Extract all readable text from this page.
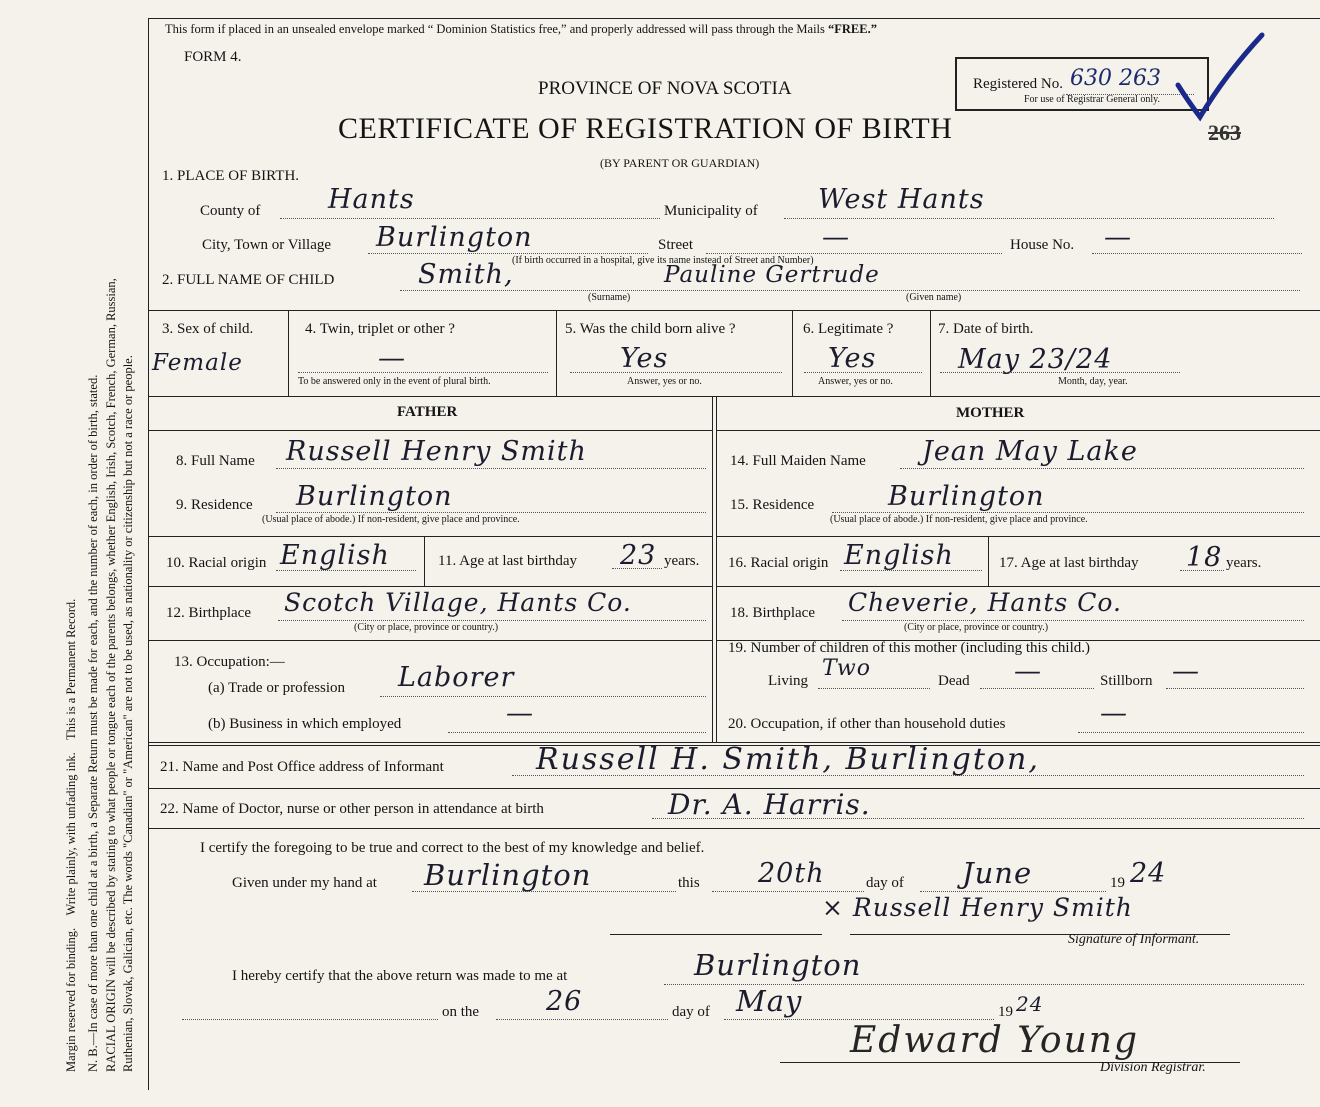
Margin reserved for binding.    Write plainly, with unfading ink.    This is a Permanent Record. N. B.—In case of more than one child at a birth, a Separate Return must be made for each, and the number of each, in order of birth, stated. RACIAL ORIGIN will be described by stating to what people or tongue each of the parents belongs, whether English, Irish, Scotch, French, German, Russian, Ruthenian, Slovak, Galician, etc. The words "Canadian" or "American" are not to be used, as nationality or citizenship but not a race or people.
This form if placed in an unsealed envelope marked “ Dominion Statistics free,” and properly addressed will pass through the Mails “FREE.”
FORM 4.
PROVINCE OF NOVA SCOTIA
CERTIFICATE OF REGISTRATION OF BIRTH
(BY PARENT OR GUARDIAN)
Registered No. 630 263
For use of Registrar General only.
263
1. PLACE OF BIRTH.
County of	Hants	Municipality of West Hants
City, Town or Village Burlington	Street	—	House No. —
(If birth occurred in a hospital, give its name instead of Street and Number)
2. FULL NAME OF CHILD	Smith,	Pauline Gertrude
(Surname)	(Given name)
3. Sex of child.
Female
4. Twin, triplet or other ?
—
To be answered only in the event of plural birth.
5. Was the child born alive ?
Yes
Answer, yes or no.
6. Legitimate ?
Yes
Answer, yes or no.
7. Date of birth.
May 23/24
Month, day, year.
FATHER	MOTHER
8. Full Name Russell Henry Smith
9. Residence Burlington
(Usual place of abode.) If non-resident, give place and province.
10. Racial origin English	11. Age at last birthday 23 years.
12. Birthplace Scotch Village, Hants Co.
(City or place, province or country.)
13. Occupation:—
(a) Trade or profession Laborer
(b) Business in which employed	—
14. Full Maiden Name Jean May Lake
15. Residence	Burlington
(Usual place of abode.) If non-resident, give place and province.
16. Racial origin English	17. Age at last birthday 18 years.
18. Birthplace Cheverie, Hants Co.
(City or place, province or country.)
19. Number of children of this mother (including this child.)
Living Two	Dead —	Stillborn —
20. Occupation, if other than household duties	—
21. Name and Post Office address of Informant	Russell H. Smith, Burlington,
22. Name of Doctor, nurse or other person in attendance at birth	Dr. A. Harris.
I certify the foregoing to be true and correct to the best of my knowledge and belief.
Given under my hand at Burlington	this 20th	day of June	19 24
× Russell Henry Smith
Signature of Informant.
I hereby certify that the above return was made to me at	Burlington
on the 26	day of May	19 24
Edward Young
Division Registrar.
